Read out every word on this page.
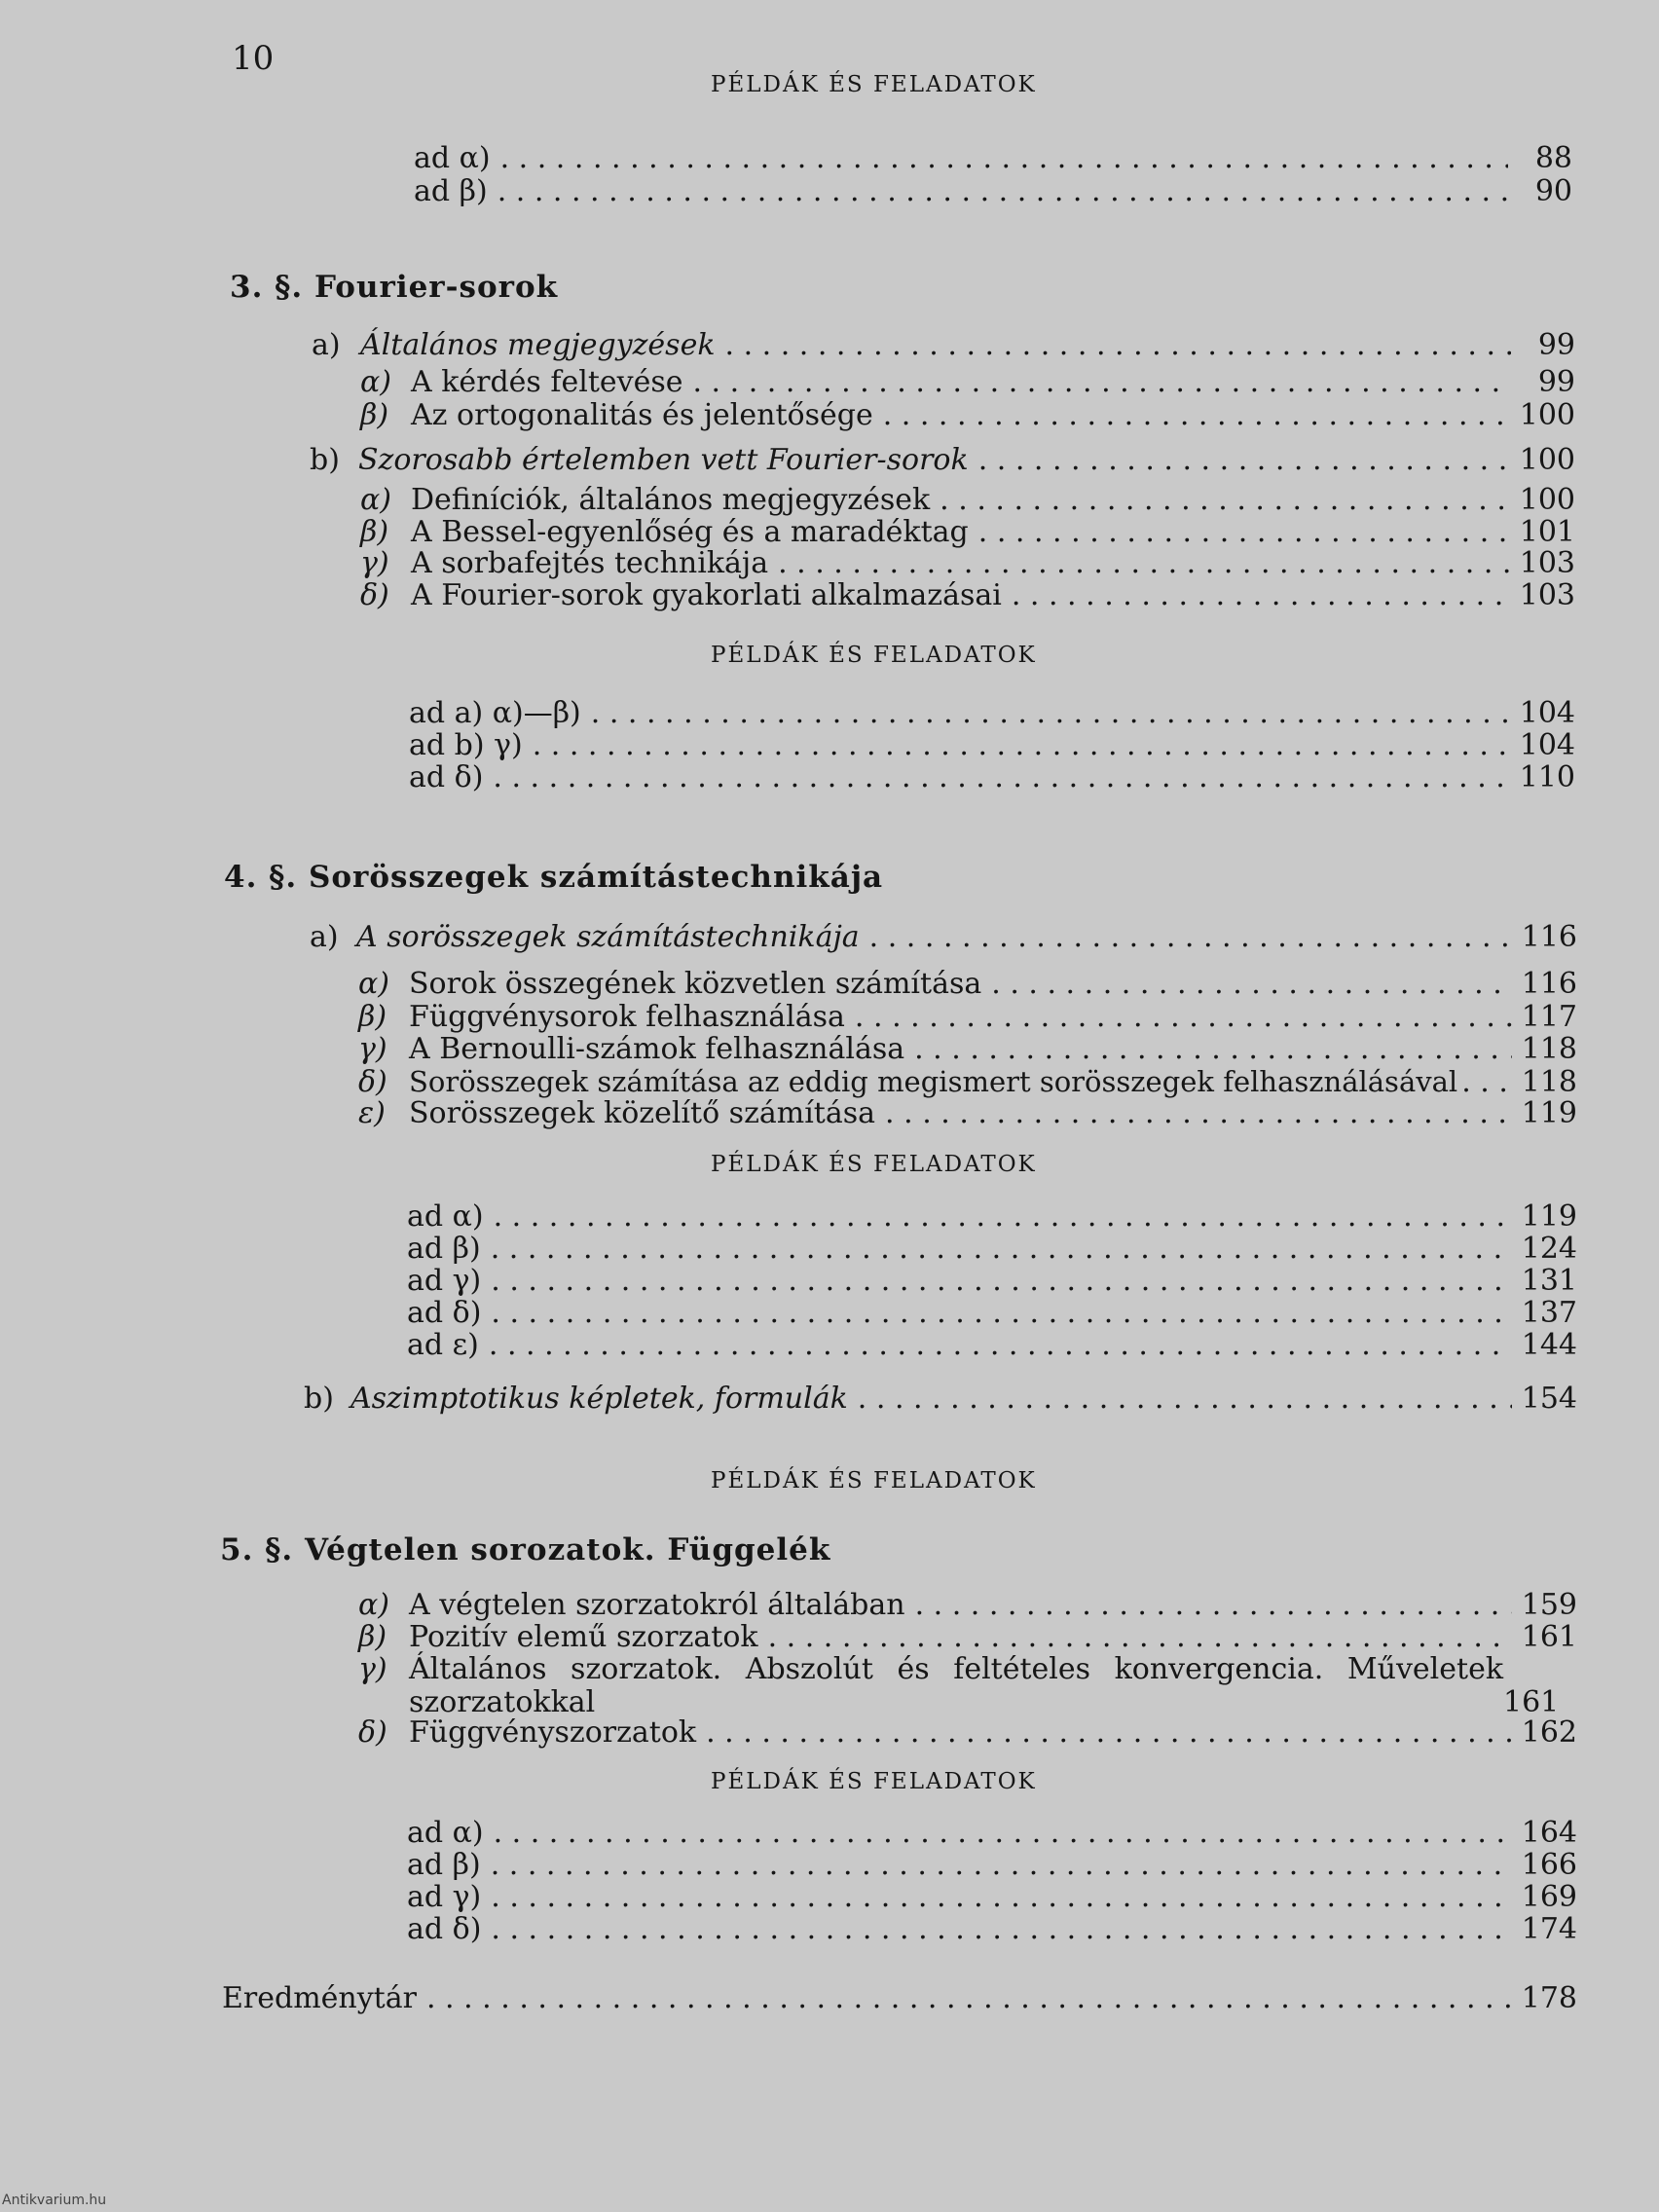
10
PÉLDÁK ÉS FELADATOK
ad α) . . .	88
ad β) . . .	90
3. §. Fourier-sorok
a) Általános megjegyzések . . .	99
α) A kérdés feltevése . . .	99
β) Az ortogonalitás és jelentősége . . .	100
b) Szorosabb értelemben vett Fourier-sorok . . .	100
α) Definíciók, általános megjegyzések . . .	100
β) A Bessel-egyenlőség és a maradéktag . . .	101
γ) A sorbafejtés technikája . . .	103
δ) A Fourier-sorok gyakorlati alkalmazásai . . .	103
PÉLDÁK ÉS FELADATOK
ad a) α)—β) . . .	104
ad b) γ) . . .	104
ad δ) . . .	110
4. §. Sorösszegek számítástechnikája
a) A sorösszegek számítástechnikája . . .	116
α) Sorok összegének közvetlen számítása . . .	116
β) Függvénysorok felhasználása . . .	117
γ) A Bernoulli-számok felhasználása . . .	118
δ) Sorösszegek számítása az eddig megismert sorösszegek felhasználásával . . . 118
ε) Sorösszegek közelítő számítása . . .	119
PÉLDÁK ÉS FELADATOK
ad α) . . .	119
ad β) . . .	124
ad γ) . . .	131
ad δ) . . .	137
ad ε) . . .	144
b) Aszimptotikus képletek, formulák . . .	154
PÉLDÁK ÉS FELADATOK
5. §. Végtelen sorozatok. Függelék
α) A végtelen szorzatokról általában . . .	159
β) Pozitív elemű szorzatok . . .	161
γ) Általános szorzatok. Abszolút és feltételes konvergencia. Műveletek szorzatokkal	161
δ) Függvényszorzatok . . .	162
PÉLDÁK ÉS FELADATOK
ad α) . . .	164
ad β) . . .	166
ad γ) . . .	169
ad δ) . . .	174
Eredménytár . . .	178
Antikvarium.hu
